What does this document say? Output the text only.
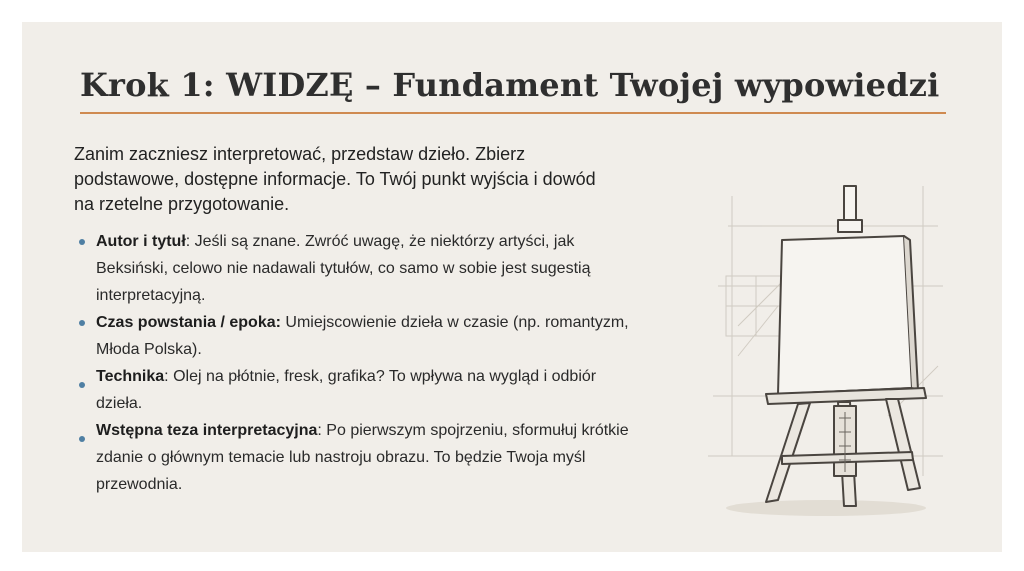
Krok 1: WIDZĘ – Fundament Twojej wypowiedzi

Zanim zaczniesz interpretować, przedstaw dzieło. Zbierz podstawowe, dostępne informacje. To Twój punkt wyjścia i dowód na rzetelne przygotowanie.

Autor i tytuł: Jeśli są znane. Zwróć uwagę, że niektórzy artyści, jak Beksiński, celowo nie nadawali tytułów, co samo w sobie jest sugestią interpretacyjną.
Czas powstania / epoka: Umiejscowienie dzieła w czasie (np. romantyzm, Młoda Polska).
Technika: Olej na płótnie, fresk, grafika? To wpływa na wygląd i odbiór dzieła.
Wstępna teza interpretacyjna: Po pierwszym spojrzeniu, sformułuj krótkie zdanie o głównym temacie lub nastroju obrazu. To będzie Twoja myśl przewodnia.
